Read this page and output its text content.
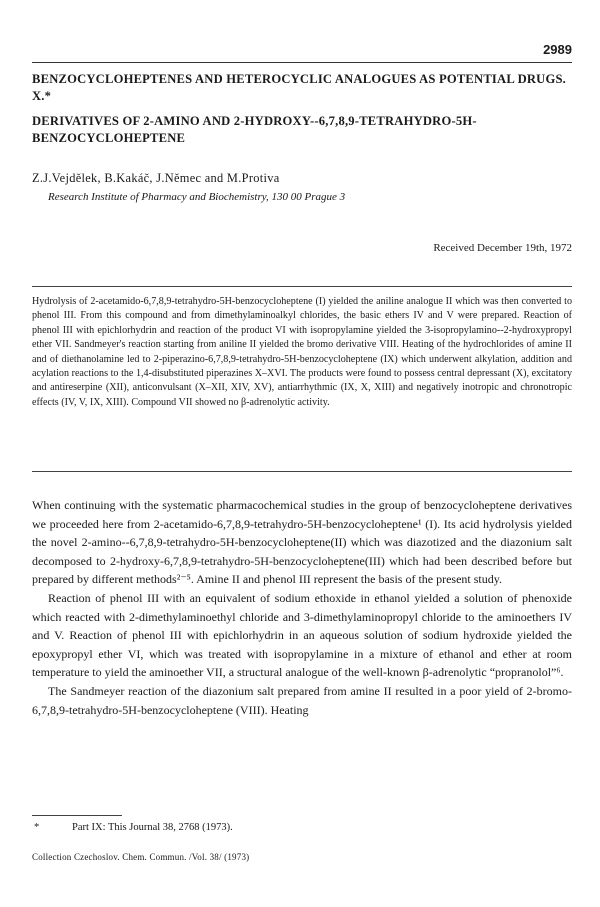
2989
BENZOCYCLOHEPTENES AND HETEROCYCLIC ANALOGUES AS POTENTIAL DRUGS. X.*
DERIVATIVES OF 2-AMINO AND 2-HYDROXY--6,7,8,9-TETRAHYDRO-5H-BENZOCYCLOHEPTENE
Z.J.Vejdělek, B.Kakáč, J.Němec and M.Protiva
Research Institute of Pharmacy and Biochemistry, 130 00 Prague 3
Received December 19th, 1972
Hydrolysis of 2-acetamido-6,7,8,9-tetrahydro-5H-benzocycloheptene (I) yielded the aniline analogue II which was then converted to phenol III. From this compound and from dimethylaminoalkyl chlorides, the basic ethers IV and V were prepared. Reaction of phenol III with epichlorhydrin and reaction of the product VI with isopropylamine yielded the 3-isopropylamino--2-hydroxypropyl ether VII. Sandmeyer's reaction starting from aniline II yielded the bromo derivative VIII. Heating of the hydrochlorides of amine II and of diethanolamine led to 2-piperazino-6,7,8,9-tetrahydro-5H-benzocycloheptene (IX) which underwent alkylation, addition and acylation reactions to the 1,4-disubstituted piperazines X–XVI. The products were found to possess central depressant (X), excitatory and antireserpine (XII), anticonvulsant (X–XII, XIV, XV), antiarrhythmic (IX, X, XIII) and negatively inotropic and chronotropic effects (IV, V, IX, XIII). Compound VII showed no β-adrenolytic activity.

When continuing with the systematic pharmacochemical studies in the group of benzocycloheptene derivatives we proceeded here from 2-acetamido-6,7,8,9-tetrahydro-5H-benzocycloheptene¹ (I). Its acid hydrolysis yielded the novel 2-amino--6,7,8,9-tetrahydro-5H-benzocycloheptene(II) which was diazotized and the diazonium salt decomposed to 2-hydroxy-6,7,8,9-tetrahydro-5H-benzocycloheptene(III) which had been described before but prepared by different methods²⁻⁵. Amine II and phenol III represent the basis of the present study.

Reaction of phenol III with an equivalent of sodium ethoxide in ethanol yielded a solution of phenoxide which reacted with 2-dimethylaminoethyl chloride and 3-dimethylaminopropyl chloride to the aminoethers IV and V. Reaction of phenol III with epichlorhydrin in an aqueous solution of sodium hydroxide yielded the epoxypropyl ether VI, which was treated with isopropylamine in a mixture of ethanol and ether at room temperature to yield the aminoether VII, a structural analogue of the well-known β-adrenolytic “propranolol”⁶.

The Sandmeyer reaction of the diazonium salt prepared from amine II resulted in a poor yield of 2-bromo-6,7,8,9-tetrahydro-5H-benzocycloheptene (VIII). Heating

*	Part IX: This Journal 38, 2768 (1973).
Collection Czechoslov. Chem. Commun. /Vol. 38/ (1973)
